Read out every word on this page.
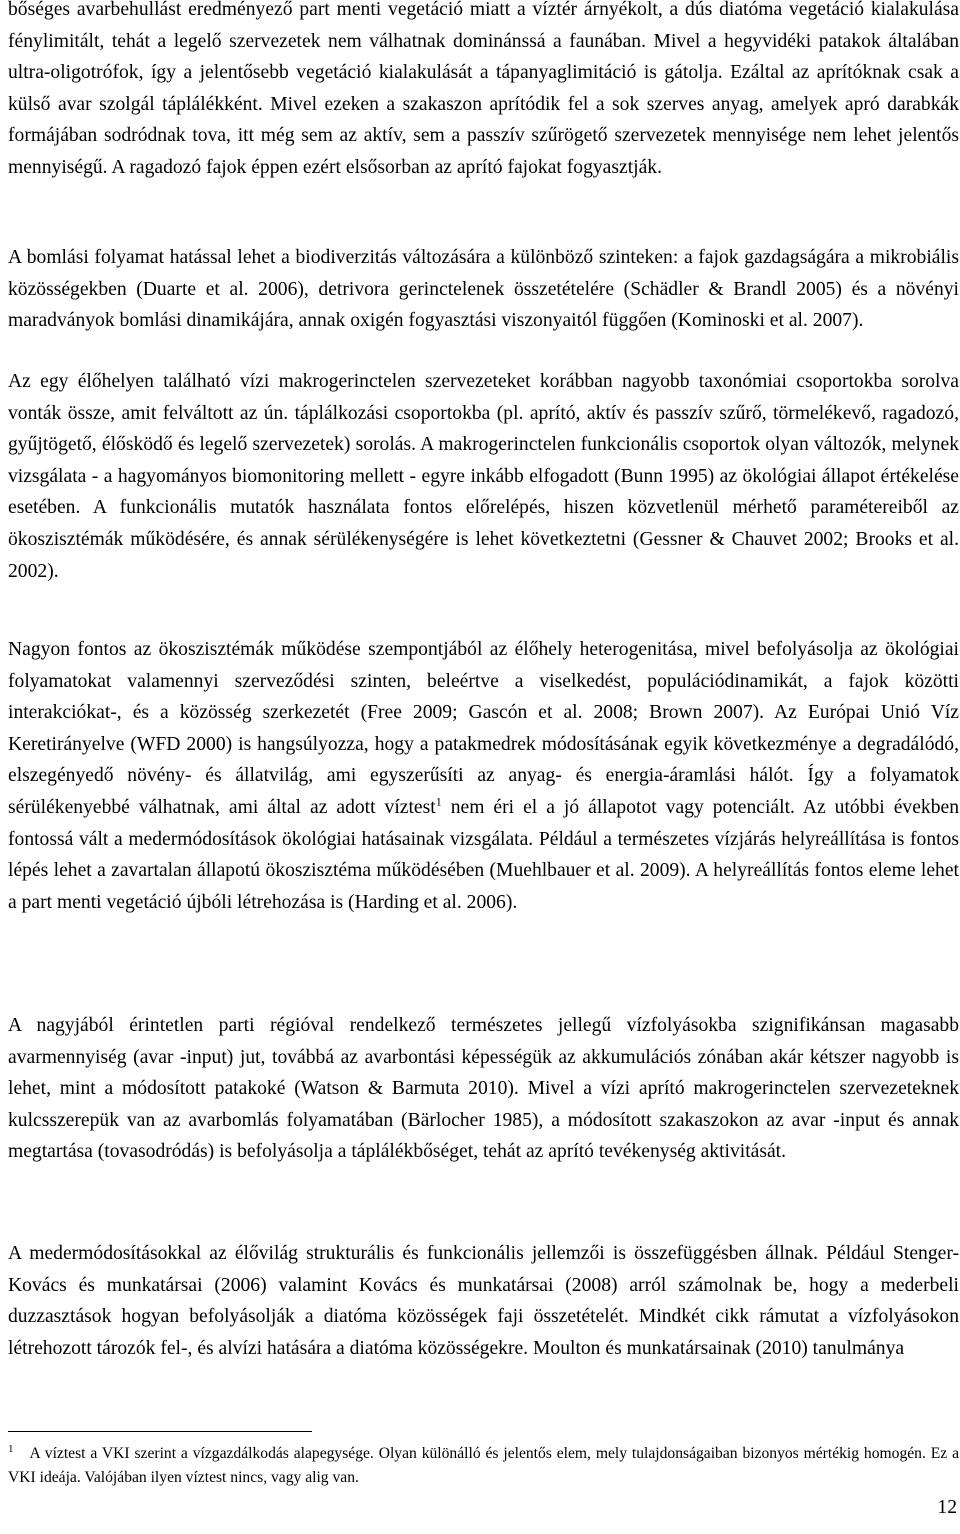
bőséges avarbehullást eredményező part menti vegetáció miatt a víztér árnyékolt, a dús diatóma vegetáció kialakulása fénylimitált, tehát a legelő szervezetek nem válhatnak dominánssá a faunában. Mivel a hegyvidéki patakok általában ultra-oligotrófok, így a jelentősebb vegetáció kialakulását a tápanyaglimitáció is gátolja. Ezáltal az aprítóknak csak a külső avar szolgál táplálékként. Mivel ezeken a szakaszon aprítódik fel a sok szerves anyag, amelyek apró darabkák formájában sodródnak tova, itt még sem az aktív, sem a passzív szűrögető szervezetek mennyisége nem lehet jelentős mennyiségű. A ragadozó fajok éppen ezért elsősorban az aprító fajokat fogyasztják.

A bomlási folyamat hatással lehet a biodiverzitás változására a különböző szinteken: a fajok gazdagságára a mikrobiális közösségekben (Duarte et al. 2006), detrivora gerinctelenek összetételére (Schädler & Brandl 2005) és a növényi maradványok bomlási dinamikájára, annak oxigén fogyasztási viszonyaitól függően (Kominoski et al. 2007).

Az egy élőhelyen található vízi makrogerinctelen szervezeteket korábban nagyobb taxonómiai csoportokba sorolva vonták össze, amit felváltott az ún. táplálkozási csoportokba (pl. aprító, aktív és passzív szűrő, törmelékevő, ragadozó, gyűjtögető, élősködő és legelő szervezetek) sorolás. A makrogerinctelen funkcionális csoportok olyan változók, melynek vizsgálata - a hagyományos biomonitoring mellett - egyre inkább elfogadott (Bunn 1995) az ökológiai állapot értékelése esetében. A funkcionális mutatók használata fontos előrelépés, hiszen közvetlenül mérhető paramétereiből az ökoszisztémák működésére, és annak sérülékenységére is lehet következtetni (Gessner & Chauvet 2002; Brooks et al. 2002).

Nagyon fontos az ökoszisztémák működése szempontjából az élőhely heterogenitása, mivel befolyásolja az ökológiai folyamatokat valamennyi szerveződési szinten, beleértve a viselkedést, populációdinamikát, a fajok közötti interakciókat-, és a közösség szerkezetét (Free 2009; Gascón et al. 2008; Brown 2007). Az Európai Unió Víz Keretirányelve (WFD 2000) is hangsúlyozza, hogy a patakmedrek módosításának egyik következménye a degradálódó, elszegényedő növény- és állatvilág, ami egyszerűsíti az anyag- és energia-áramlási hálót. Így a folyamatok sérülékenyebbé válhatnak, ami által az adott víztest$^1$ nem éri el a jó állapotot vagy potenciált. Az utóbbi években fontossá vált a medermódosítások ökológiai hatásainak vizsgálata. Például a természetes vízjárás helyreállítása is fontos lépés lehet a zavartalan állapotú ökoszisztéma működésében (Muehlbauer et al. 2009). A helyreállítás fontos eleme lehet a part menti vegetáció újbóli létrehozása is (Harding et al. 2006).

A nagyjából érintetlen parti régióval rendelkező természetes jellegű vízfolyásokba szignifikánsan magasabb avarmennyiség (avar -input) jut, továbbá az avarbontási képességük az akkumulációs zónában akár kétszer nagyobb is lehet, mint a módosított patakoké (Watson & Barmuta 2010). Mivel a vízi aprító makrogerinctelen szervezeteknek kulcsszerepük van az avarbomlás folyamatában (Bärlocher 1985), a módosított szakaszokon az avar -input és annak megtartása (tovasodródás) is befolyásolja a táplálékbőséget, tehát az aprító tevékenység aktivitását.

A medermódosításokkal az élővilág strukturális és funkcionális jellemzői is összefüggésben állnak. Például Stenger-Kovács és munkatársai (2006) valamint Kovács és munkatársai (2008) arról számolnak be, hogy a mederbeli duzzasztások hogyan befolyásolják a diatóma közösségek faji összetételét. Mindkét cikk rámutat a vízfolyásokon létrehozott tározók fel-, és alvízi hatására a diatóma közösségekre. Moulton és munkatársainak (2010) tanulmánya

$^1$ A víztest a VKI szerint a vízgazdálkodás alapegysége. Olyan különálló és jelentős elem, mely tulajdonságaiban bizonyos mértékig homogén. Ez a VKI ideája. Valójában ilyen víztest nincs, vagy alig van.

12
